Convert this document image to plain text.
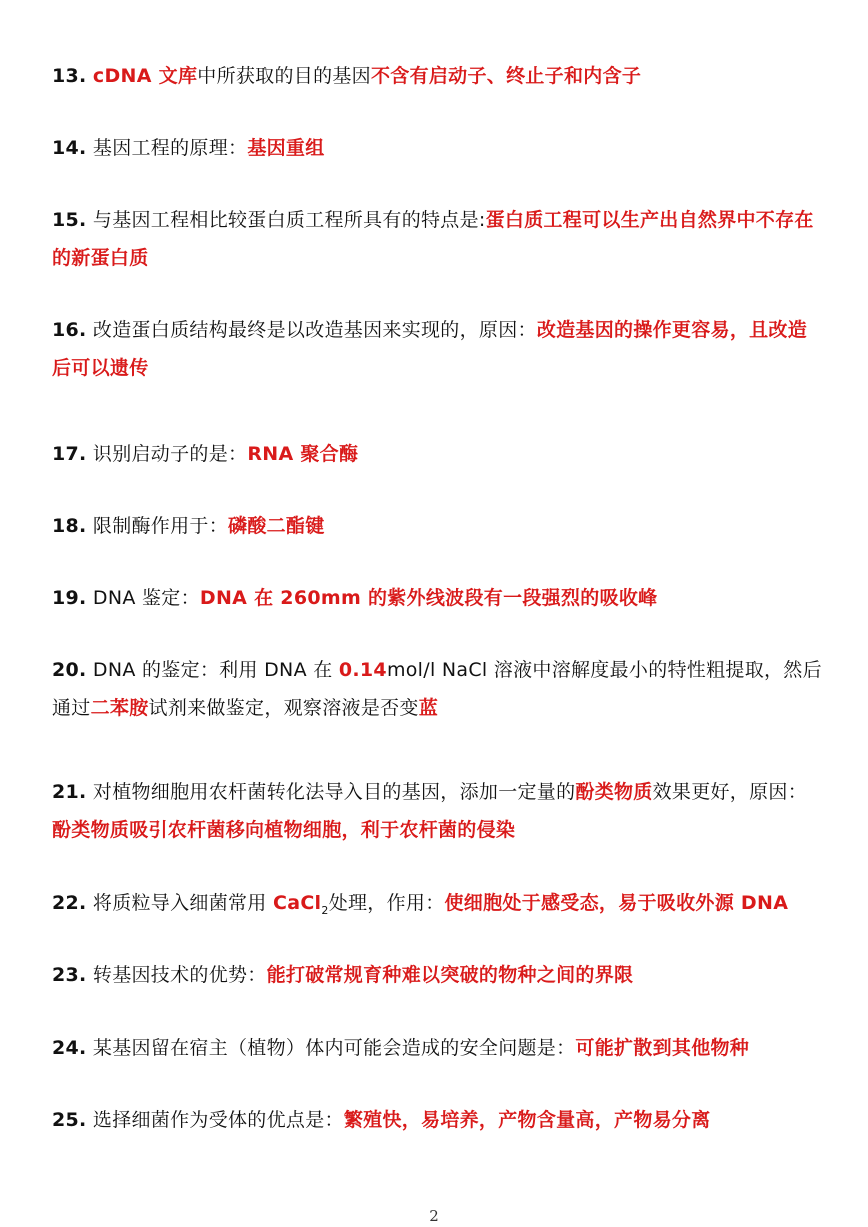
13. cDNA 文库中所获取的目的基因不含有启动子、终止子和内含子
14. 基因工程的原理：基因重组
15. 与基因工程相比较蛋白质工程所具有的特点是:蛋白质工程可以生产出自然界中不存在的新蛋白质
16. 改造蛋白质结构最终是以改造基因来实现的，原因：改造基因的操作更容易，且改造后可以遗传
17. 识别启动子的是：RNA 聚合酶
18. 限制酶作用于：磷酸二酯键
19. DNA 鉴定：DNA 在 260mm 的紫外线波段有一段强烈的吸收峰
20. DNA 的鉴定：利用 DNA 在 0.14mol/l NaCl 溶液中溶解度最小的特性粗提取，然后通过二苯胺试剂来做鉴定，观察溶液是否变蓝
21. 对植物细胞用农杆菌转化法导入目的基因，添加一定量的酚类物质效果更好，原因：酚类物质吸引农杆菌移向植物细胞，利于农杆菌的侵染
22. 将质粒导入细菌常用 CaCl$_2$处理，作用：使细胞处于感受态，易于吸收外源 DNA
23. 转基因技术的优势：能打破常规育种难以突破的物种之间的界限
24. 某基因留在宿主（植物）体内可能会造成的安全问题是：可能扩散到其他物种
25. 选择细菌作为受体的优点是：繁殖快，易培养，产物含量高，产物易分离
2
